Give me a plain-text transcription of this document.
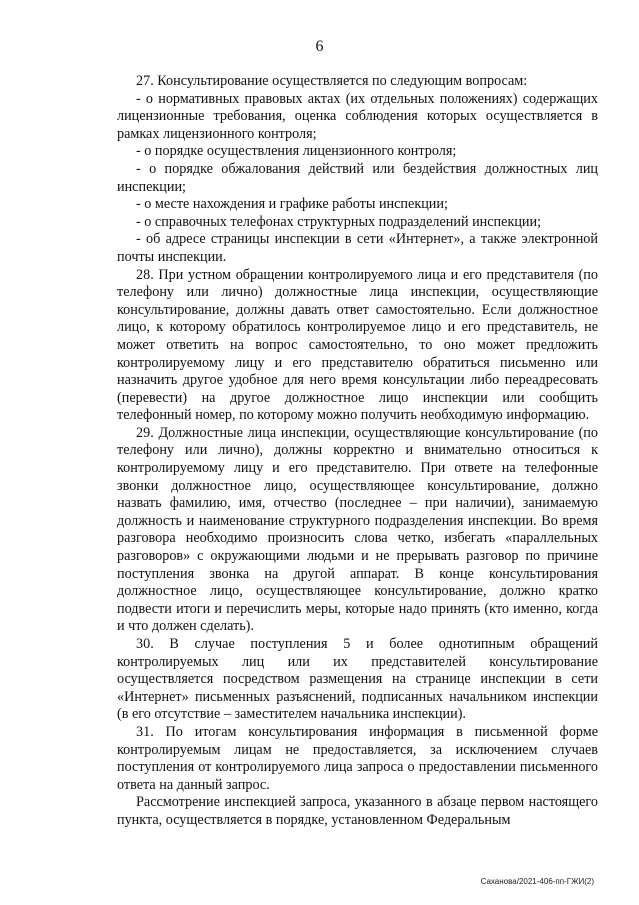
6

27. Консультирование осуществляется по следующим вопросам:

- о нормативных правовых актах (их отдельных положениях) содержащих лицензионные требования, оценка соблюдения которых осуществляется в рамках лицензионного контроля;

- о порядке осуществления лицензионного контроля;

- о порядке обжалования действий или бездействия должностных лиц инспекции;

- о месте нахождения и графике работы инспекции;

- о справочных телефонах структурных подразделений инспекции;

- об адресе страницы инспекции в сети «Интернет», а также электронной почты инспекции.

28. При устном обращении контролируемого лица и его представителя (по телефону или лично) должностные лица инспекции, осуществляющие консультирование, должны давать ответ самостоятельно. Если должностное лицо, к которому обратилось контролируемое лицо и его представитель, не может ответить на вопрос самостоятельно, то оно может предложить контролируемому лицу и его представителю обратиться письменно или назначить другое удобное для него время консультации либо переадресовать (перевести) на другое должностное лицо инспекции или сообщить телефонный номер, по которому можно получить необходимую информацию.

29. Должностные лица инспекции, осуществляющие консультирование (по телефону или лично), должны корректно и внимательно относиться к контролируемому лицу и его представителю. При ответе на телефонные звонки должностное лицо, осуществляющее консультирование, должно назвать фамилию, имя, отчество (последнее – при наличии), занимаемую должность и наименование структурного подразделения инспекции. Во время разговора необходимо произносить слова четко, избегать «параллельных разговоров» с окружающими людьми и не прерывать разговор по причине поступления звонка на другой аппарат. В конце консультирования должностное лицо, осуществляющее консультирование, должно кратко подвести итоги и перечислить меры, которые надо принять (кто именно, когда и что должен сделать).

30. В случае поступления 5 и более однотипным обращений контролируемых лиц или их представителей консультирование осуществляется посредством размещения на странице инспекции в сети «Интернет» письменных разъяснений, подписанных начальником инспекции (в его отсутствие – заместителем начальника инспекции).

31. По итогам консультирования информация в письменной форме контролируемым лицам не предоставляется, за исключением случаев поступления от контролируемого лица запроса о предоставлении письменного ответа на данный запрос.

Рассмотрение инспекцией запроса, указанного в абзаце первом настоящего пункта, осуществляется в порядке, установленном Федеральным

Саханова/2021-406-пп-ГЖИ(2)
